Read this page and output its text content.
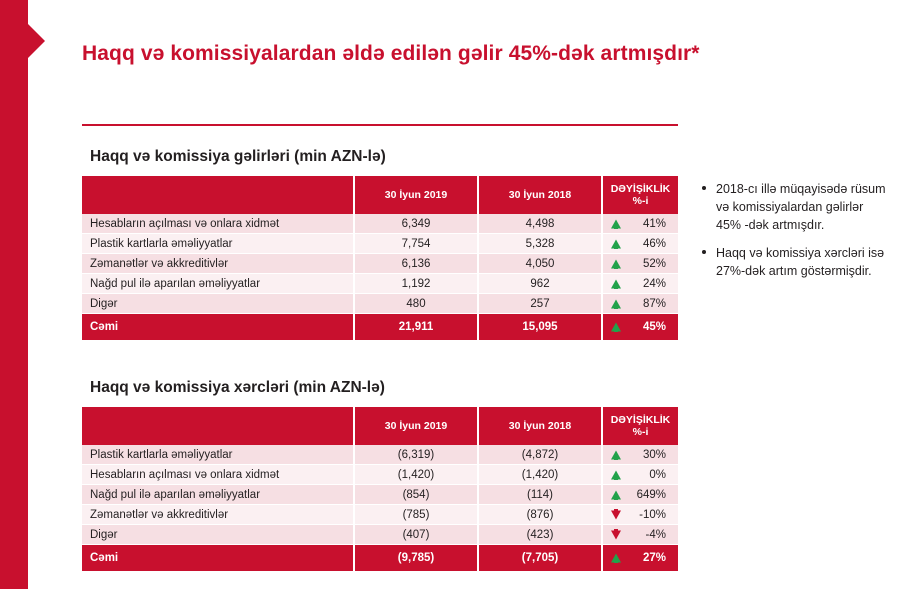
Haqq və komissiyalardan əldə edilən gəlir 45%-dək artmışdır*
Haqq və komissiya gəlirləri (min AZN-lə)
	30 İyun 2019	30 İyun 2018	DƏYİŞİKLİK %-i
Hesabların açılması və onlara xidmət	6,349	4,498	41%
Plastik kartlarla əməliyyatlar	7,754	5,328	46%
Zəmanətlər və akkreditivlər	6,136	4,050	52%
Nağd pul ilə aparılan əməliyyatlar	1,192	962	24%
Digər	480	257	87%
Cəmi	21,911	15,095	45%
Haqq və komissiya xərcləri (min AZN-lə)
	30 İyun 2019	30 İyun 2018	DƏYİŞİKLİK %-i
Plastik kartlarla əməliyyatlar	(6,319)	(4,872)	30%
Hesabların açılması və onlara xidmət	(1,420)	(1,420)	0%
Nağd pul ilə aparılan əməliyyatlar	(854)	(114)	649%
Zəmanətlər və akkreditivlər	(785)	(876)	-10%
Digər	(407)	(423)	-4%
Cəmi	(9,785)	(7,705)	27%
2018-cı illə müqayisədə rüsum və komissiyalardan gəlirlər 45% -dək artmışdır.
Haqq və komissiya xərcləri isə 27%-dək artım göstərmişdir.
